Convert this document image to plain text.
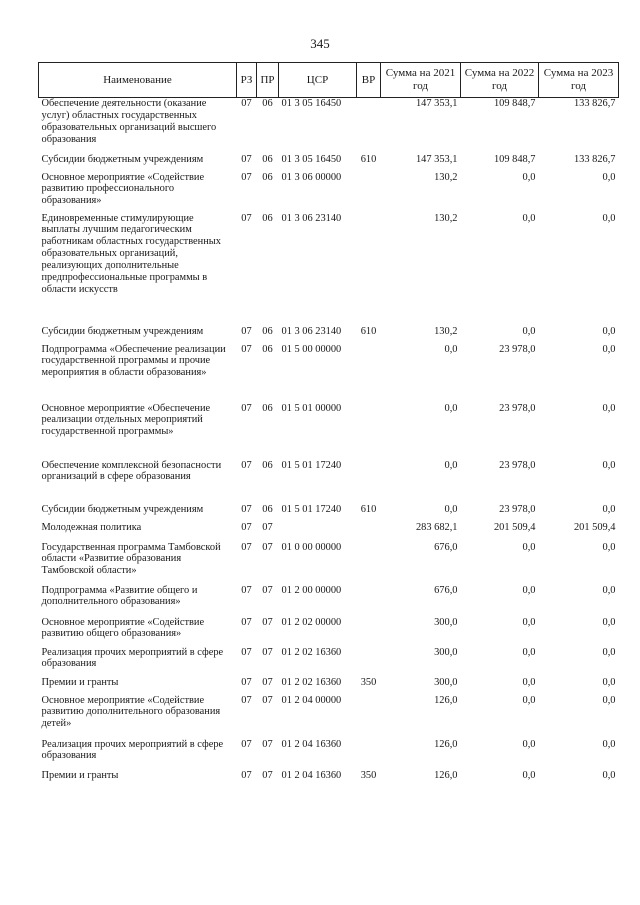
345
Наименование	РЗ	ПР	ЦСР	ВР	Сумма на 2021 год	Сумма на 2022 год	Сумма на 2023 год
Обеспечение деятельности (оказание услуг) областных государственных образовательных организаций высшего образования	07	06	01 3 05 16450		147 353,1	109 848,7	133 826,7
Субсидии бюджетным учреждениям	07	06	01 3 05 16450	610	147 353,1	109 848,7	133 826,7
Основное мероприятие «Содействие развитию профессионального образования»	07	06	01 3 06 00000		130,2	0,0	0,0
Единовременные стимулирующие выплаты лучшим педагогическим работникам областных государственных образовательных организаций, реализующих дополнительные предпрофессиональные программы в области искусств	07	06	01 3 06 23140		130,2	0,0	0,0
Субсидии бюджетным учреждениям	07	06	01 3 06 23140	610	130,2	0,0	0,0
Подпрограмма «Обеспечение реализации государственной программы и прочие мероприятия в области образования»	07	06	01 5 00 00000		0,0	23 978,0	0,0
Основное мероприятие «Обеспечение реализации отдельных мероприятий государственной программы»	07	06	01 5 01 00000		0,0	23 978,0	0,0
Обеспечение комплексной безопасности организаций в сфере образования	07	06	01 5 01 17240		0,0	23 978,0	0,0
Субсидии бюджетным учреждениям	07	06	01 5 01 17240	610	0,0	23 978,0	0,0
Молодежная политика	07	07			283 682,1	201 509,4	201 509,4
Государственная программа Тамбовской области «Развитие образования Тамбовской области»	07	07	01 0 00 00000		676,0	0,0	0,0
Подпрограмма «Развитие общего и дополнительного образования»	07	07	01 2 00 00000		676,0	0,0	0,0
Основное мероприятие «Содействие развитию общего образования»	07	07	01 2 02 00000		300,0	0,0	0,0
Реализация прочих мероприятий в сфере образования	07	07	01 2 02 16360		300,0	0,0	0,0
Премии и гранты	07	07	01 2 02 16360	350	300,0	0,0	0,0
Основное мероприятие «Содействие развитию дополнительного образования детей»	07	07	01 2 04 00000		126,0	0,0	0,0
Реализация прочих мероприятий в сфере образования	07	07	01 2 04 16360		126,0	0,0	0,0
Премии и гранты	07	07	01 2 04 16360	350	126,0	0,0	0,0
